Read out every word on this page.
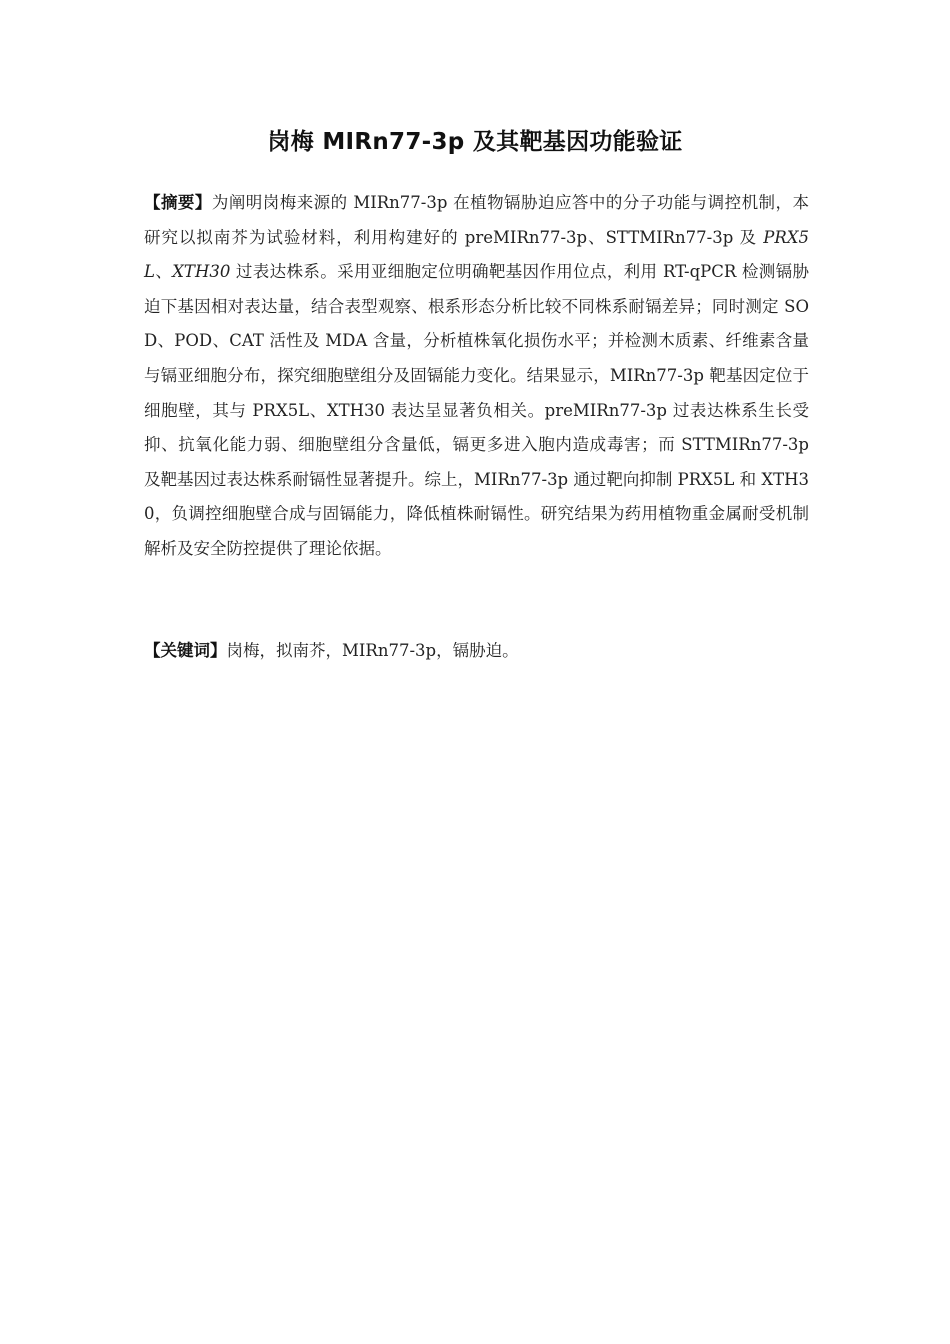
岗梅 MIRn77-3p 及其靶基因功能验证
【摘要】为阐明岗梅来源的 MIRn77-3p 在植物镉胁迫应答中的分子功能与调控机制，本研究以拟南芥为试验材料，利用构建好的 preMIRn77-3p、STTMIRn77-3p 及 PRX5L、XTH30 过表达株系。采用亚细胞定位明确靶基因作用位点，利用 RT-qPCR 检测镉胁迫下基因相对表达量，结合表型观察、根系形态分析比较不同株系耐镉差异；同时测定 SOD、POD、CAT 活性及 MDA 含量，分析植株氧化损伤水平；并检测木质素、纤维素含量与镉亚细胞分布，探究细胞壁组分及固镉能力变化。结果显示，MIRn77-3p 靶基因定位于细胞壁，其与 PRX5L、XTH30 表达呈显著负相关。preMIRn77-3p 过表达株系生长受抑、抗氧化能力弱、细胞壁组分含量低，镉更多进入胞内造成毒害；而 STTMIRn77-3p 及靶基因过表达株系耐镉性显著提升。综上，MIRn77-3p 通过靶向抑制 PRX5L 和 XTH30，负调控细胞壁合成与固镉能力，降低植株耐镉性。研究结果为药用植物重金属耐受机制解析及安全防控提供了理论依据。
【关键词】岗梅，拟南芥，MIRn77-3p，镉胁迫。
